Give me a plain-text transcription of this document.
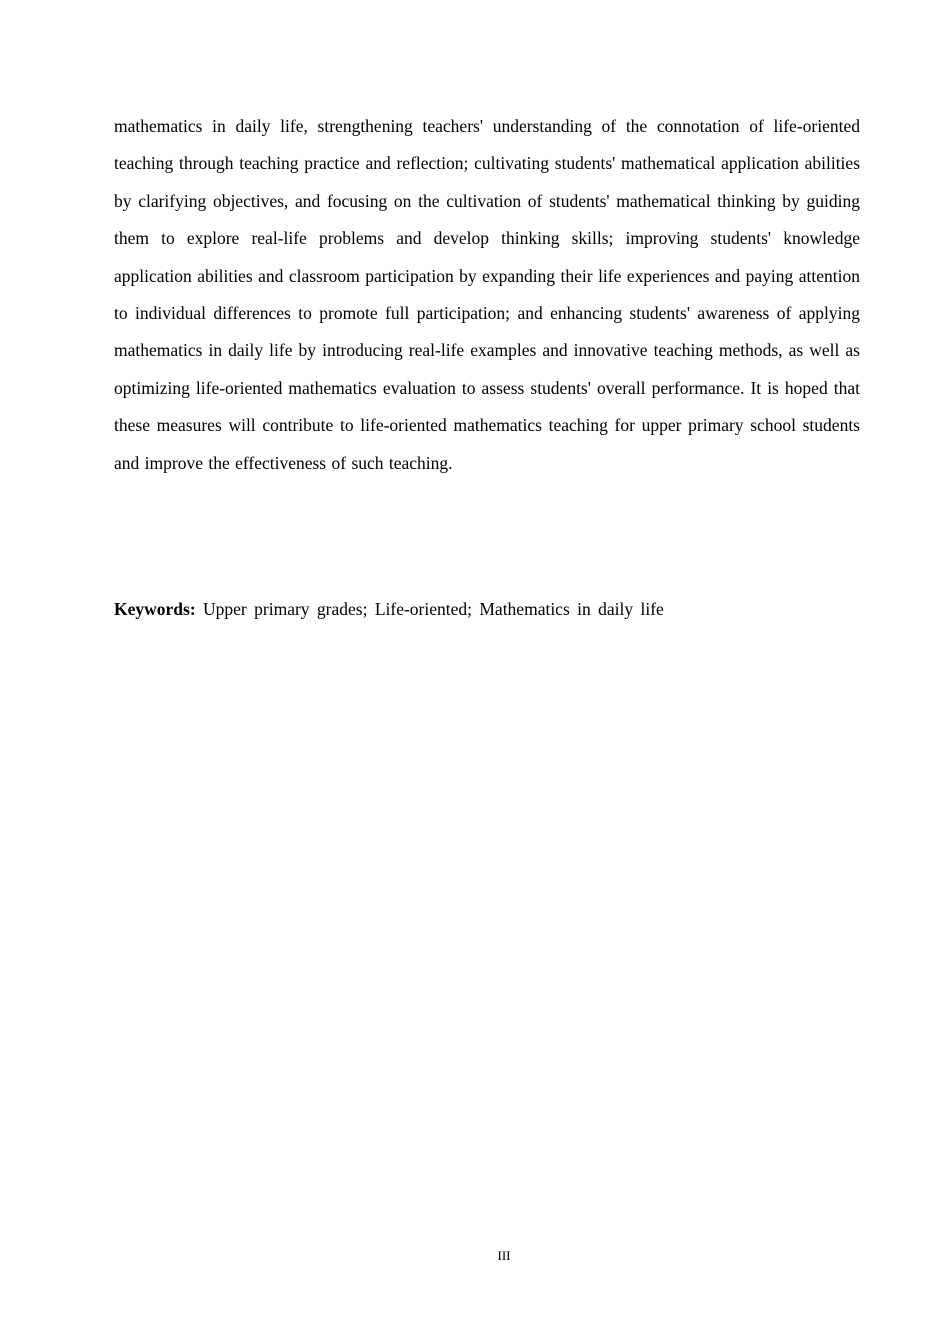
mathematics in daily life, strengthening teachers' understanding of the connotation of life-oriented teaching through teaching practice and reflection; cultivating students' mathematical application abilities by clarifying objectives, and focusing on the cultivation of students' mathematical thinking by guiding them to explore real-life problems and develop thinking skills; improving students' knowledge application abilities and classroom participation by expanding their life experiences and paying attention to individual differences to promote full participation; and enhancing students' awareness of applying mathematics in daily life by introducing real-life examples and innovative teaching methods, as well as optimizing life-oriented mathematics evaluation to assess students' overall performance. It is hoped that these measures will contribute to life-oriented mathematics teaching for upper primary school students and improve the effectiveness of such teaching.

Keywords: Upper primary grades; Life-oriented; Mathematics in daily life

III
